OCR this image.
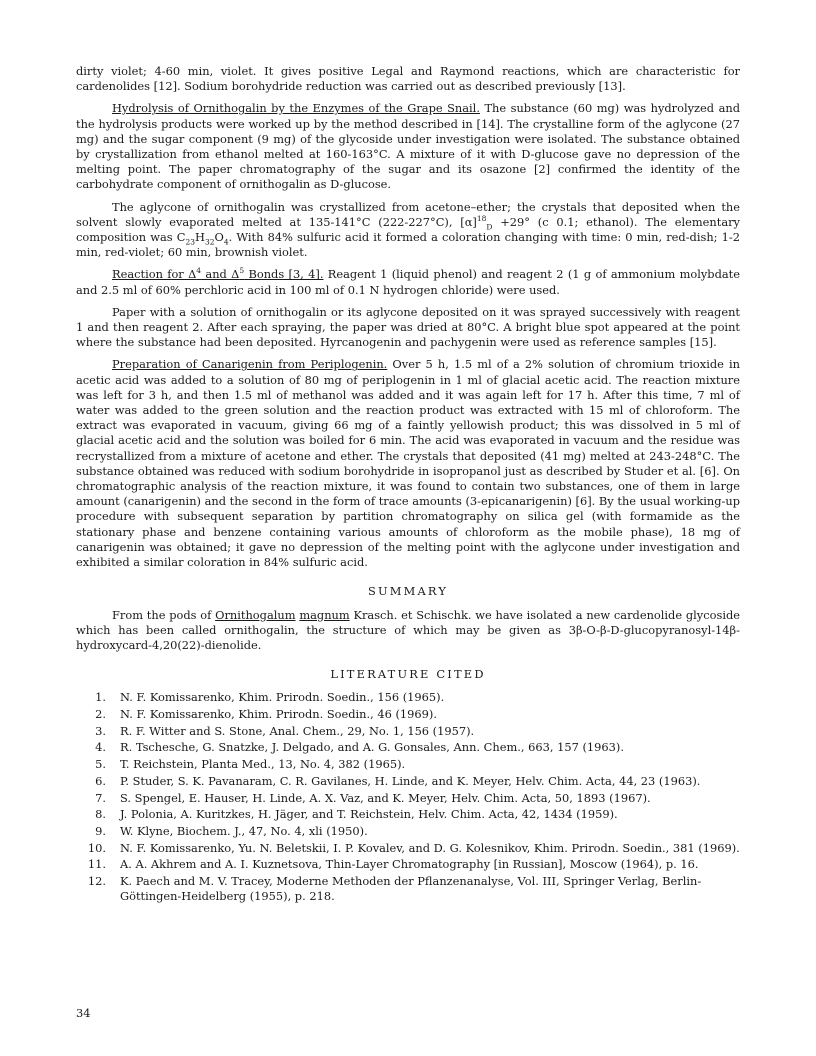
dirty violet; 4-60 min, violet. It gives positive Legal and Raymond reactions, which are characteristic for cardenolides [12]. Sodium borohydride reduction was carried out as described previously [13].

Hydrolysis of Ornithogalin by the Enzymes of the Grape Snail. The substance (60 mg) was hydrolyzed and the hydrolysis products were worked up by the method described in [14]. The crystalline form of the aglycone (27 mg) and the sugar component (9 mg) of the glycoside under investigation were isolated. The substance obtained by crystallization from ethanol melted at 160-163°C. A mixture of it with D-glucose gave no depression of the melting point. The paper chromatography of the sugar and its osazone [2] confirmed the identity of the carbohydrate component of ornithogalin as D-glucose.

The aglycone of ornithogalin was crystallized from acetone–ether; the crystals that deposited when the solvent slowly evaporated melted at 135-141°C (222-227°C), $[\alpha]^{18}_D +29^\circ$ (c 0.1; ethanol). The elementary composition was $C_{23}H_{32}O_4$. With 84% sulfuric acid it formed a coloration changing with time: 0 min, red-dish; 1-2 min, red-violet; 60 min, brownish violet.

Reaction for $\Delta^4$ and $\Delta^5$ Bonds [3, 4]. Reagent 1 (liquid phenol) and reagent 2 (1 g of ammonium molybdate and 2.5 ml of 60% perchloric acid in 100 ml of 0.1 N hydrogen chloride) were used.

Paper with a solution of ornithogalin or its aglycone deposited on it was sprayed successively with reagent 1 and then reagent 2. After each spraying, the paper was dried at 80°C. A bright blue spot appeared at the point where the substance had been deposited. Hyrcanogenin and pachygenin were used as reference samples [15].

Preparation of Canarigenin from Periplogenin. Over 5 h, 1.5 ml of a 2% solution of chromium trioxide in acetic acid was added to a solution of 80 mg of periplogenin in 1 ml of glacial acetic acid. The reaction mixture was left for 3 h, and then 1.5 ml of methanol was added and it was again left for 17 h. After this time, 7 ml of water was added to the green solution and the reaction product was extracted with 15 ml of chloroform. The extract was evaporated in vacuum, giving 66 mg of a faintly yellowish product; this was dissolved in 5 ml of glacial acetic acid and the solution was boiled for 6 min. The acid was evaporated in vacuum and the residue was recrystallized from a mixture of acetone and ether. The crystals that deposited (41 mg) melted at 243-248°C. The substance obtained was reduced with sodium borohydride in isopropanol just as described by Studer et al. [6]. On chromatographic analysis of the reaction mixture, it was found to contain two substances, one of them in large amount (canarigenin) and the second in the form of trace amounts (3-epicanarigenin) [6]. By the usual working-up procedure with subsequent separation by partition chromatography on silica gel (with formamide as the stationary phase and benzene containing various amounts of chloroform as the mobile phase), 18 mg of canarigenin was obtained; it gave no depression of the melting point with the aglycone under investigation and exhibited a similar coloration in 84% sulfuric acid.

SUMMARY

From the pods of Ornithogalum magnum Krasch. et Schischk. we have isolated a new cardenolide glycoside which has been called ornithogalin, the structure of which may be given as 3β-O-β-D-glucopyranosyl-14β-hydroxycard-4,20(22)-dienolide.

LITERATURE CITED
1.	N. F. Komissarenko, Khim. Prirodn. Soedin., 156 (1965).
2.	N. F. Komissarenko, Khim. Prirodn. Soedin., 46 (1969).
3.	R. F. Witter and S. Stone, Anal. Chem., 29, No. 1, 156 (1957).
4.	R. Tschesche, G. Snatzke, J. Delgado, and A. G. Gonsales, Ann. Chem., 663, 157 (1963).
5.	T. Reichstein, Planta Med., 13, No. 4, 382 (1965).
6.	P. Studer, S. K. Pavanaram, C. R. Gavilanes, H. Linde, and K. Meyer, Helv. Chim. Acta, 44, 23 (1963).
7.	S. Spengel, E. Hauser, H. Linde, A. X. Vaz, and K. Meyer, Helv. Chim. Acta, 50, 1893 (1967).
8.	J. Polonia, A. Kuritzkes, H. Jäger, and T. Reichstein, Helv. Chim. Acta, 42, 1434 (1959).
9.	W. Klyne, Biochem. J., 47, No. 4, xli (1950).
10.	N. F. Komissarenko, Yu. N. Beletskii, I. P. Kovalev, and D. G. Kolesnikov, Khim. Prirodn. Soedin., 381 (1969).
11.	A. A. Akhrem and A. I. Kuznetsova, Thin-Layer Chromatography [in Russian], Moscow (1964), p. 16.
12.	K. Paech and M. V. Tracey, Moderne Methoden der Pflanzenanalyse, Vol. III, Springer Verlag, Berlin-Göttingen-Heidelberg (1955), p. 218.
34
